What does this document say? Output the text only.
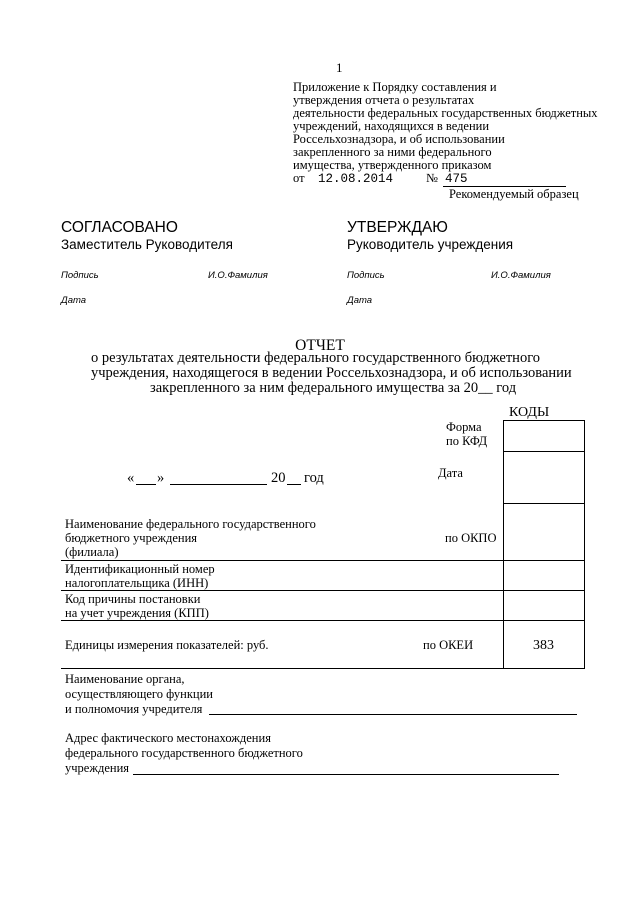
1
Приложение к Порядку составления и
утверждения отчета о результатах
деятельности федеральных государственных бюджетных
учреждений, находящихся в ведении
Россельхознадзора, и об использовании
закрепленного за ними федерального
имущества, утвержденного приказом
от 12.08.2014	№ 475
Рекомендуемый образец
СОГЛАСОВАНО
Заместитель Руководителя
Подпись	И.О.Фамилия
Дата
УТВЕРЖДАЮ
Руководитель учреждения
Подпись	И.О.Фамилия
Дата
ОТЧЕТ
о результатах деятельности федерального государственного бюджетного
учреждения, находящегося в ведении Россельхознадзора, и об использовании
закрепленного за ним федерального имущества за 20__ год
КОДЫ
Форма
по КФД
« »	20 год	Дата
Наименование федерального государственного
бюджетного учреждения
(филиала)
по ОКПО
Идентификационный номер
налогоплательщика (ИНН)
Код причины постановки
на учет учреждения (КПП)
Единицы измерения показателей: руб.	по ОКЕИ	383
Наименование органа,
осуществляющего функции
и полномочия учредителя
Адрес фактического местонахождения
федерального государственного бюджетного
учреждения
